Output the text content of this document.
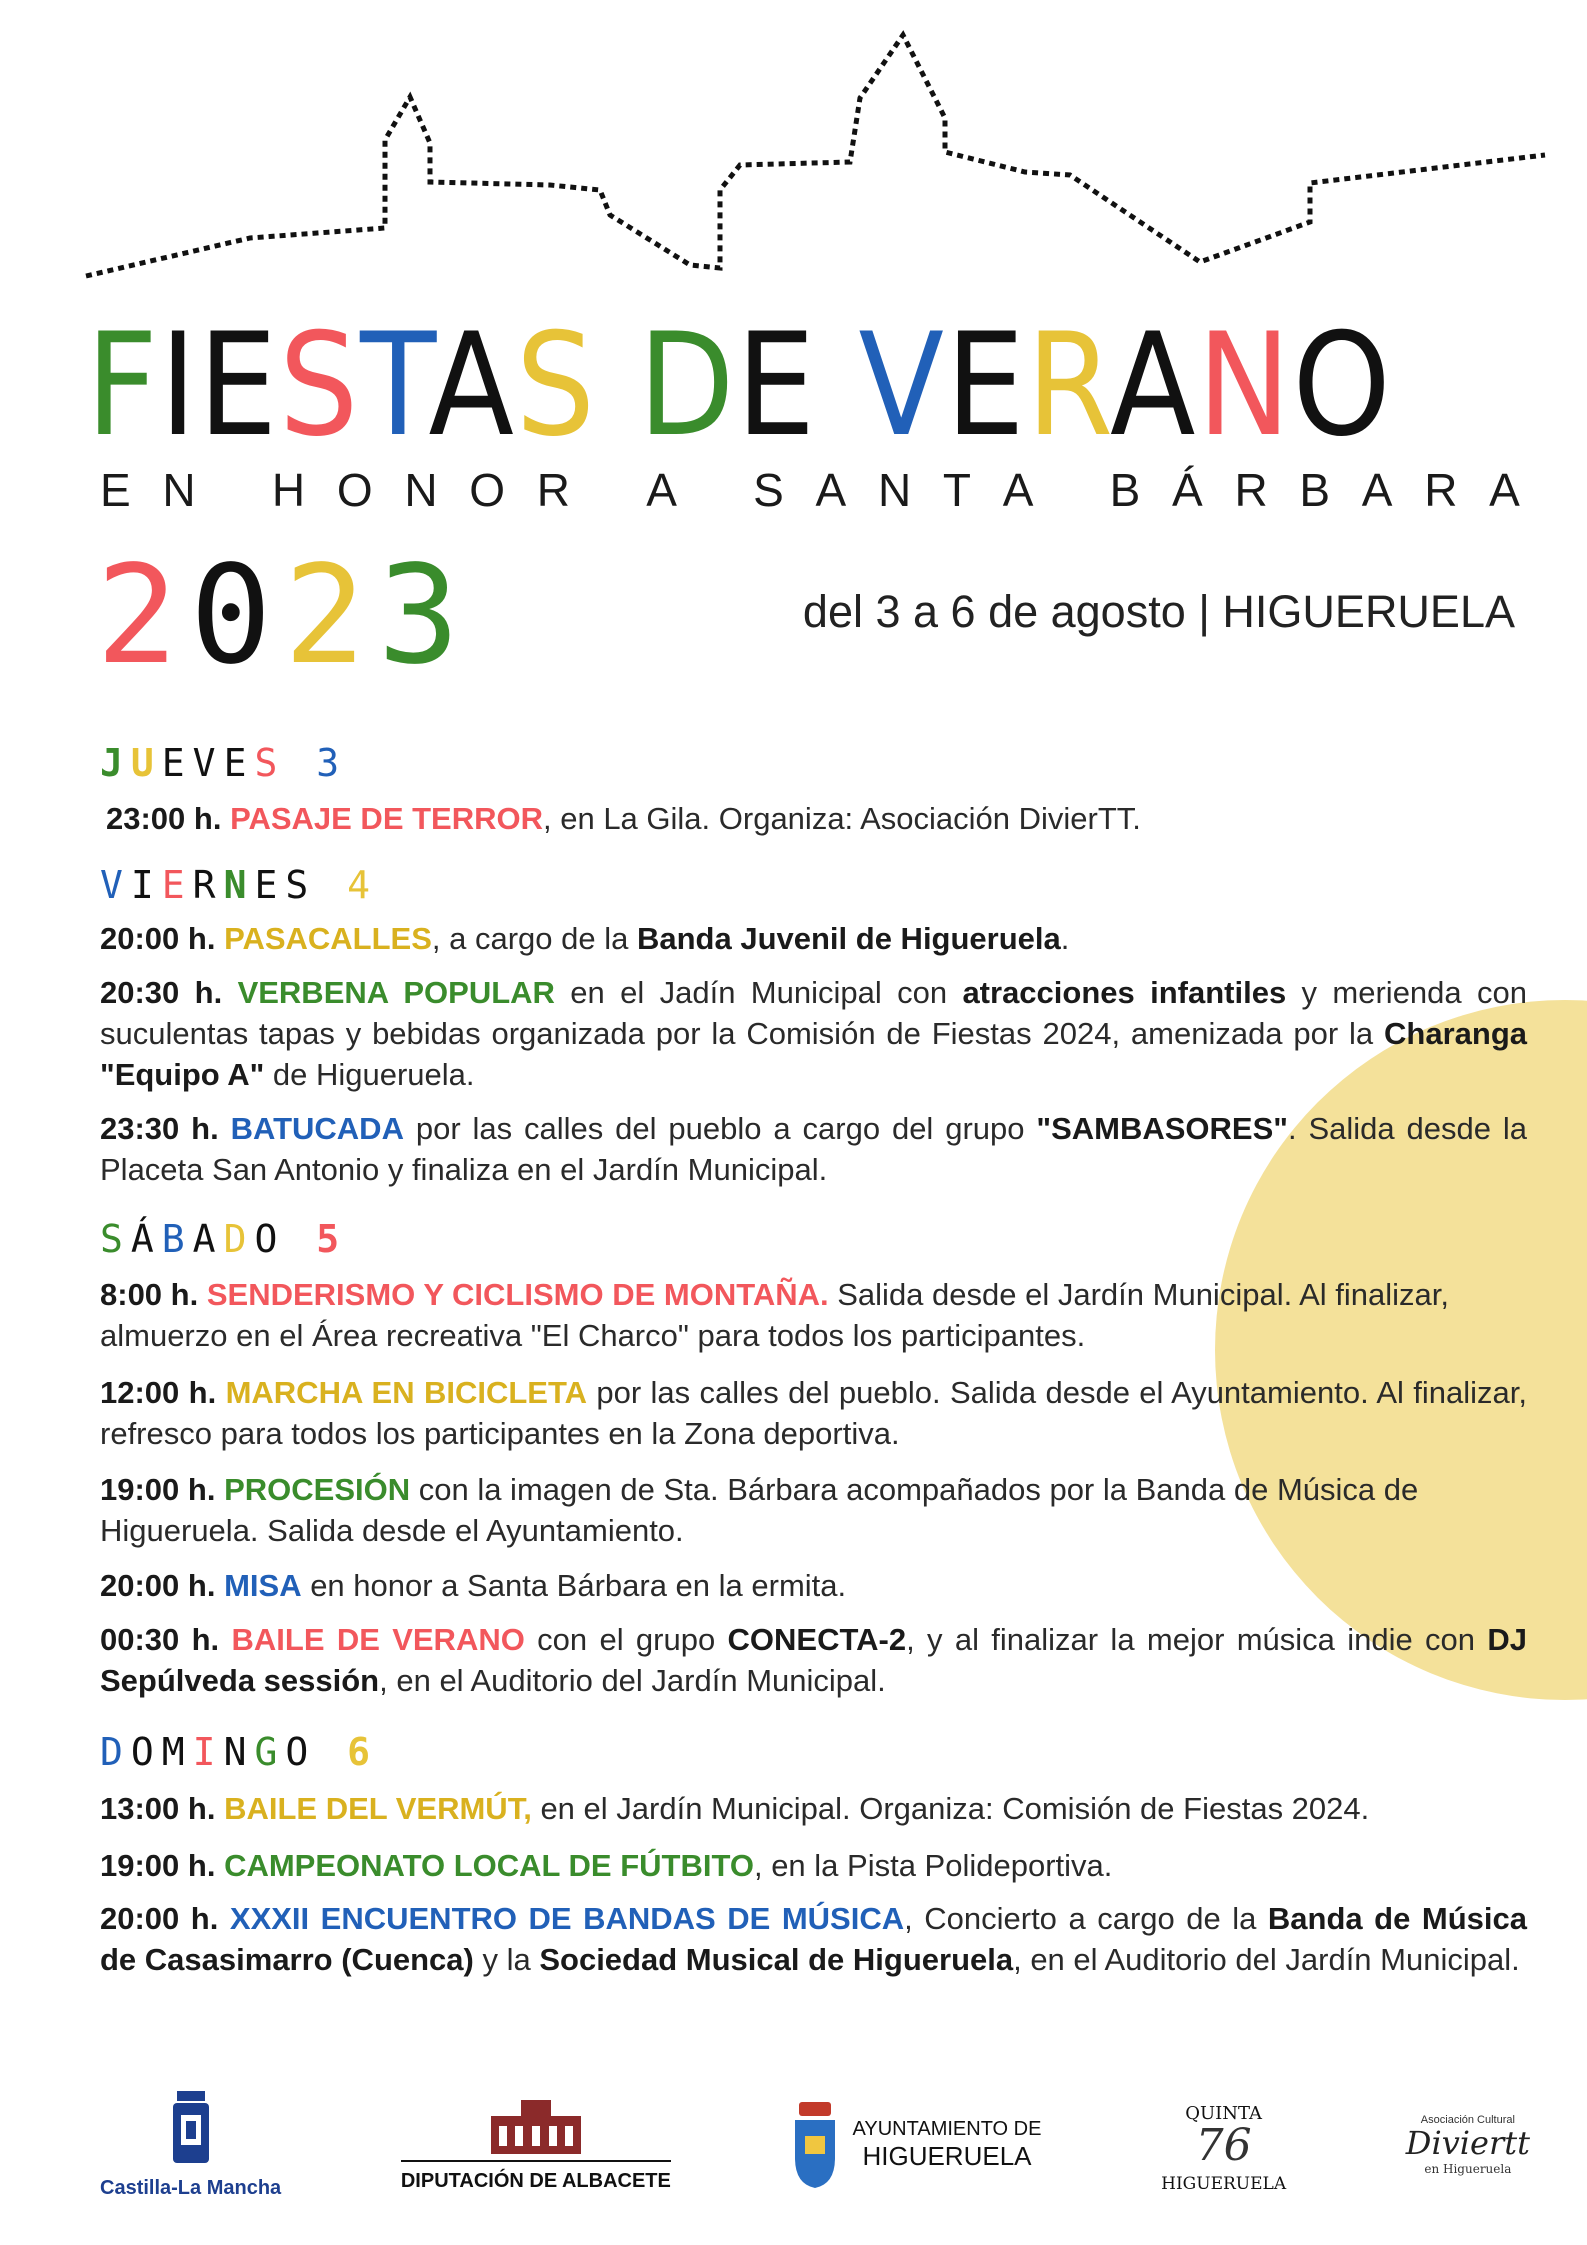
FIESTAS DE VERANO
E N
H O N O R
A
S A N T A
B Á R B A R A
2023	del 3 a 6 de agosto | HIGUERUELA
JUEVES 3

23:00 h. PASAJE DE TERROR, en La Gila. Organiza: Asociación DivierTT.

VIERNES 4

20:00 h. PASACALLES, a cargo de la Banda Juvenil de Higueruela.

20:30 h. VERBENA POPULAR en el Jadín Municipal con atracciones infantiles y merienda con suculentas tapas y bebidas organizada por la Comisión de Fiestas 2024, amenizada por la Charanga "Equipo A" de Higueruela.

23:30 h. BATUCADA por las calles del pueblo a cargo del grupo "SAMBASORES". Salida desde la Placeta San Antonio y finaliza en el Jardín Municipal.

SÁBADO 5

8:00 h. SENDERISMO Y CICLISMO DE MONTAÑA. Salida desde el Jardín Municipal. Al finalizar, almuerzo en el Área recreativa "El Charco" para todos los participantes.

12:00 h. MARCHA EN BICICLETA por las calles del pueblo. Salida desde el Ayuntamiento. Al finalizar, refresco para todos los participantes en la Zona deportiva.

19:00 h. PROCESIÓN con la imagen de Sta. Bárbara acompañados por la Banda de Música de Higueruela. Salida desde el Ayuntamiento.

20:00 h. MISA en honor a Santa Bárbara en la ermita.

00:30 h. BAILE DE VERANO con el grupo CONECTA-2, y al finalizar la mejor música indie con DJ Sepúlveda sessión, en el Auditorio del Jardín Municipal.

DOMINGO 6

13:00 h. BAILE DEL VERMÚT, en el Jardín Municipal. Organiza: Comisión de Fiestas 2024.

19:00 h. CAMPEONATO LOCAL DE FÚTBITO, en la Pista Polideportiva.

20:00 h. XXXII ENCUENTRO DE BANDAS DE MÚSICA, Concierto a cargo de la Banda de Música de Casasimarro (Cuenca) y la Sociedad Musical de Higueruela, en el Auditorio del Jardín Municipal.

Castilla-La Mancha	DIPUTACIÓN DE ALBACETE
AYUNTAMIENTO DE
HIGUERUELA
QUINTA
76
HIGUERUELA
Asociación Cultural
Diviertt
en Higueruela
